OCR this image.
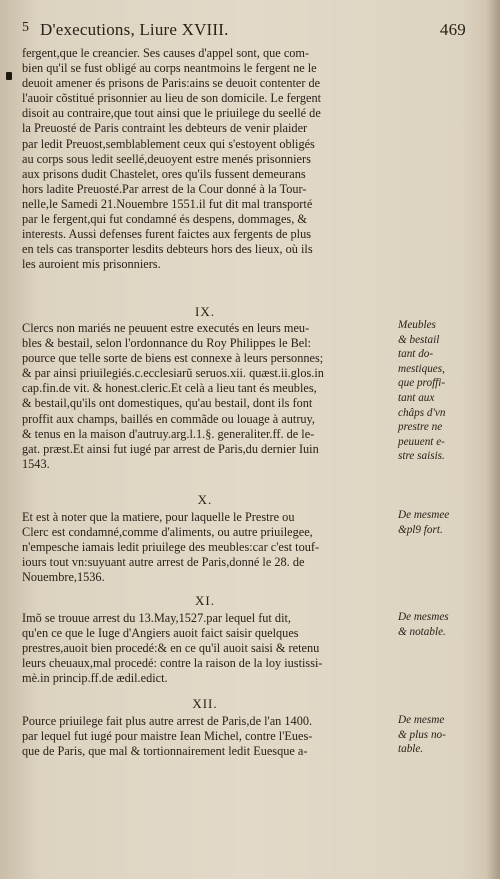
5 D'executions, Liure XVIII.	469
fergent,que le creancier. Ses causes d'appel sont, que com-
bien qu'il se fust obligé au corps neantmoins le fergent ne le
deuoit amener és prisons de Paris:ains se deuoit contenter de
l'auoir cõstitué prisonnier au lieu de son domicile. Le fergent
disoit au contraire,que tout ainsi que le priuilege du seellé de
la Preuosté de Paris contraint les debteurs de venir plaider
par ledit Preuost,semblablement ceux qui s'estoyent obligés
au corps sous ledit seellé,deuoyent estre menés prisonniers
aux prisons dudit Chastelet, ores qu'ils fussent demeurans
hors ladite Preuosté.Par arrest de la Cour donné à la Tour-
nelle,le Samedi 21.Nouembre 1551.il fut dit mal transporté
par le fergent,qui fut condamné és despens, dommages, &
interests. Aussi defenses furent faictes aux fergents de plus
en tels cas transporter lesdits debteurs hors des lieux, où ils
les auroient mis prisonniers.
IX.
Clercs non mariés ne peuuent estre executés en leurs meu-
bles & bestail, selon l'ordonnance du Roy Philippes le Bel:
pource que telle sorte de biens est connexe à leurs personnes;
& par ainsi priuilegiés.c.ecclesiarũ seruos.xii. quæst.ii.glos.in
cap.fin.de vit. & honest.cleric.Et celà a lieu tant és meubles,
& bestail,qu'ils ont domestiques, qu'au bestail, dont ils font
proffit aux champs, baillés en commãde ou louage à autruy,
& tenus en la maison d'autruy.arg.l.1.§. generaliter.ff. de le-
gat. præst.Et ainsi fut iugé par arrest de Paris,du dernier Iuin
1543.
Meubles
& bestail
tant do-
mestiques,
que proffi-
tant aux
châps d'vn
prestre ne
peuuent e-
stre saisis.
X.
Et est à noter que la matiere, pour laquelle le Prestre ou
Clerc est condamné,comme d'aliments, ou autre priuilegee,
n'empesche iamais ledit priuilege des meubles:car c'est touf-
iours tout vn:suyuant autre arrest de Paris,donné le 28. de
Nouembre,1536.
De mesmee
&pl9 fort.
XI.
Imõ se trouue arrest du 13.May,1527.par lequel fut dit,
qu'en ce que le Iuge d'Angiers auoit faict saisir quelques
prestres,auoit bien procedé:& en ce qu'il auoit saisi & retenu
leurs cheuaux,mal procedé: contre la raison de la loy iustissi-
mè.in princip.ff.de ædil.edict.
De mesmes
& notable.
XII.
Pource priuilege fait plus autre arrest de Paris,de l'an 1400.
par lequel fut iugé pour maistre Iean Michel, contre l'Eues-
que de Paris, que mal & tortionnairement ledit Euesque a-
De mesme
& plus no-
table.
